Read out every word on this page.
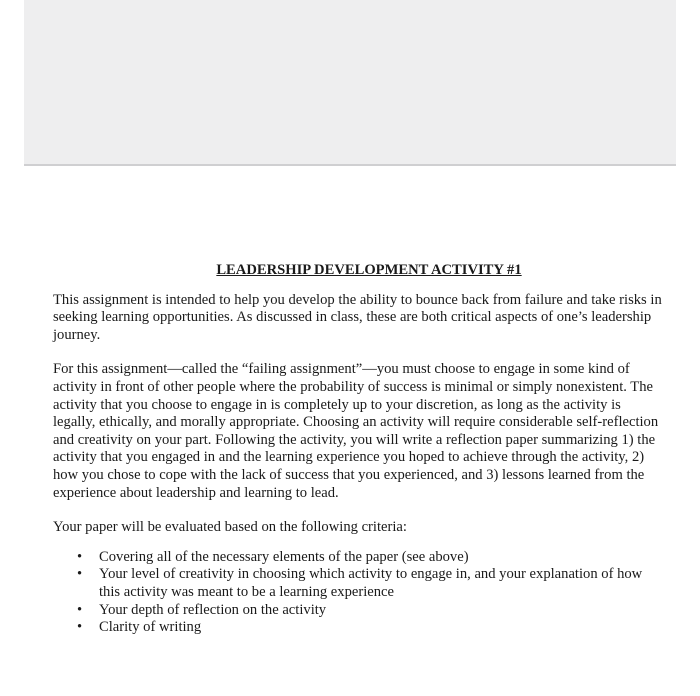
LEADERSHIP DEVELOPMENT ACTIVITY #1

This assignment is intended to help you develop the ability to bounce back from failure and take risks in seeking learning opportunities. As discussed in class, these are both critical aspects of one’s leadership journey.

For this assignment—called the “failing assignment”—you must choose to engage in some kind of activity in front of other people where the probability of success is minimal or simply nonexistent. The activity that you choose to engage in is completely up to your discretion, as long as the activity is legally, ethically, and morally appropriate. Choosing an activity will require considerable self-reflection and creativity on your part. Following the activity, you will write a reflection paper summarizing 1) the activity that you engaged in and the learning experience you hoped to achieve through the activity, 2) how you chose to cope with the lack of success that you experienced, and 3) lessons learned from the experience about leadership and learning to lead.

Your paper will be evaluated based on the following criteria:

• Covering all of the necessary elements of the paper (see above)
• Your level of creativity in choosing which activity to engage in, and your explanation of how this activity was meant to be a learning experience
• Your depth of reflection on the activity
• Clarity of writing
